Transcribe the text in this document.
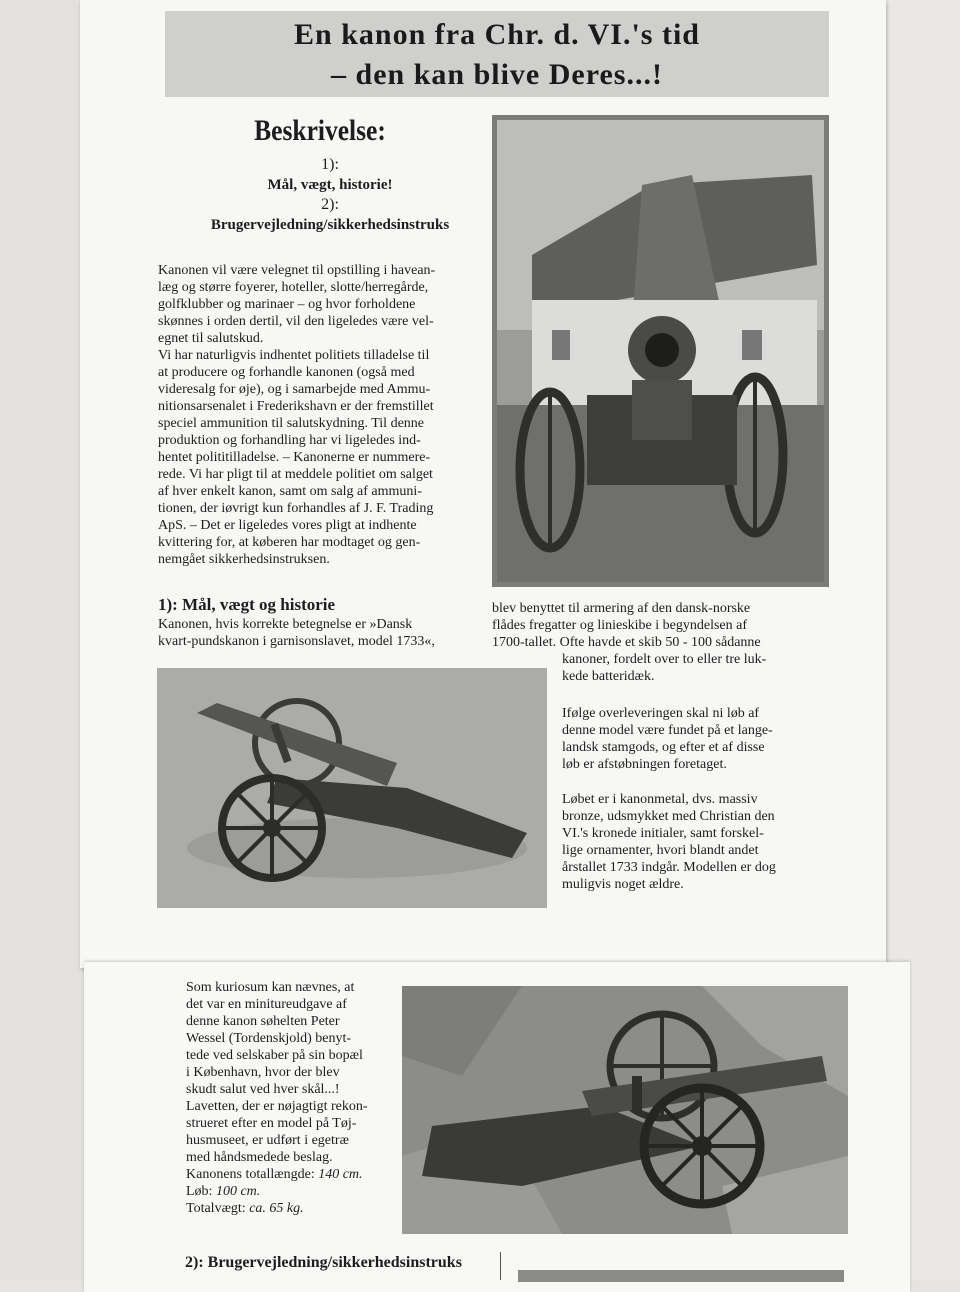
En kanon fra Chr. d. VI.'s tid
– den kan blive Deres...!
Beskrivelse:
1):
Mål, vægt, historie!
2):
Brugervejledning/sikkerhedsinstruks

Kanonen vil være velegnet til opstilling i havean-

læg og større foyerer, hoteller, slotte/herregårde,

golfklubber og marinaer – og hvor forholdene

skønnes i orden dertil, vil den ligeledes være vel-

egnet til salutskud.

Vi har naturligvis indhentet politiets tilladelse til

at producere og forhandle kanonen (også med

videresalg for øje), og i samarbejde med Ammu-

nitionsarsenalet i Frederikshavn er der fremstillet

speciel ammunition til salutskydning. Til denne

produktion og forhandling har vi ligeledes ind-

hentet polititilladelse. – Kanonerne er nummere-

rede. Vi har pligt til at meddele politiet om salget

af hver enkelt kanon, samt om salg af ammuni-

tionen, der iøvrigt kun forhandles af J. F. Trading

ApS. – Det er ligeledes vores pligt at indhente

kvittering for, at køberen har modtaget og gen-

nemgået sikkerhedsinstruksen.

1): Mål, vægt og historie
Kanonen, hvis korrekte betegnelse er »Dansk
kvart-pundskanon i garnisonslavet, model 1733«,
blev benyttet til armering af den dansk-norske
flådes fregatter og linieskibe i begyndelsen af
1700-tallet. Ofte havde et skib 50 - 100 sådanne

kanoner, fordelt over to eller tre luk-

kede batteridæk.

Ifølge overleveringen skal ni løb af

denne model være fundet på et lange-

landsk stamgods, og efter et af disse

løb er afstøbningen foretaget.

Løbet er i kanonmetal, dvs. massiv

bronze, udsmykket med Christian den

VI.'s kronede initialer, samt forskel-

lige ornamenter, hvori blandt andet

årstallet 1733 indgår. Modellen er dog

muligvis noget ældre.

Som kuriosum kan nævnes, at

det var en minitureudgave af

denne kanon søhelten Peter

Wessel (Tordenskjold) benyt-

tede ved selskaber på sin bopæl

i København, hvor der blev

skudt salut ved hver skål...!

Lavetten, der er nøjagtigt rekon-

strueret efter en model på Tøj-

husmuseet, er udført i egetræ

med håndsmedede beslag.

Kanonens totallængde: 140 cm.

Løb: 100 cm.

Totalvægt: ca. 65 kg.

2): Brugervejledning/sikkerhedsinstruks
